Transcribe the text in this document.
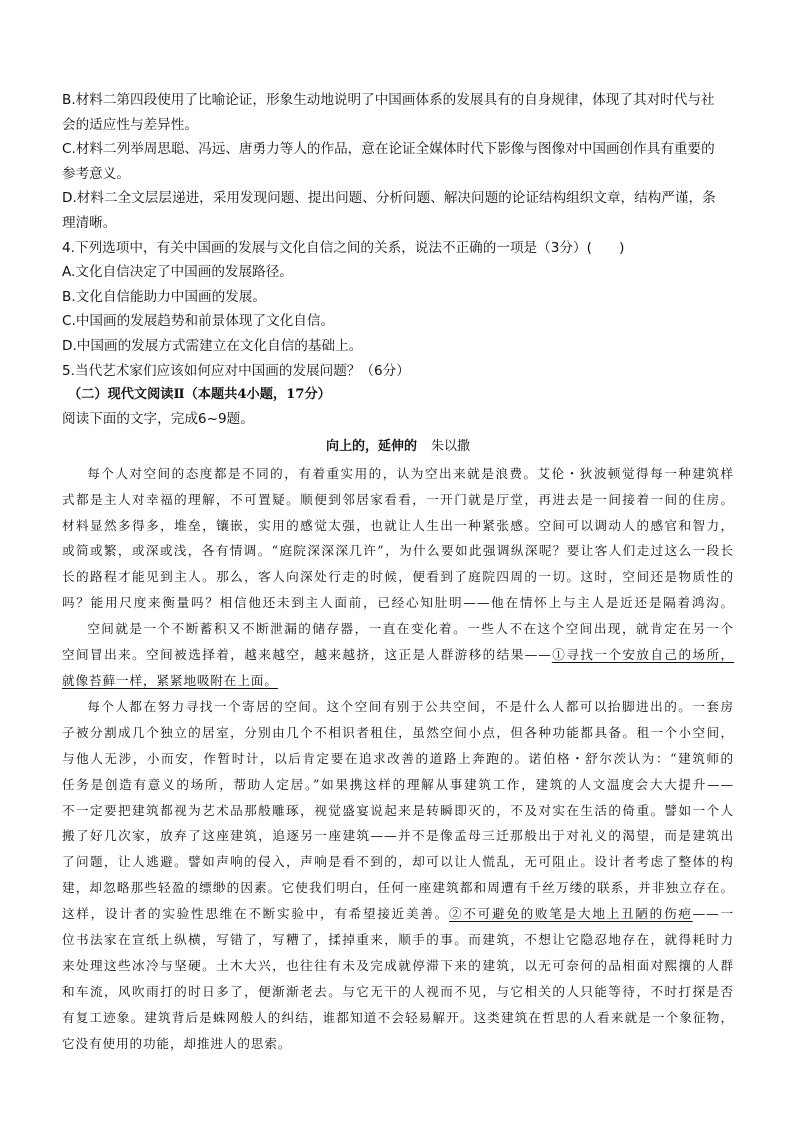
B.材料二第四段使用了比喻论证，形象生动地说明了中国画体系的发展具有的自身规律，体现了其对时代与社
会的适应性与差异性。
C.材料二列举周思聪、冯远、唐勇力等人的作品，意在论证全媒体时代下影像与图像对中国画创作具有重要的
参考意义。
D.材料二全文层层递进，采用发现问题、提出问题、分析问题、解决问题的论证结构组织文章，结构严谨，条
理清晰。
4.下列选项中，有关中国画的发展与文化自信之间的关系，说法不正确的一项是（3分）(　　)
A.文化自信决定了中国画的发展路径。
B.文化自信能助力中国画的发展。
C.中国画的发展趋势和前景体现了文化自信。
D.中国画的发展方式需建立在文化自信的基础上。
5.当代艺术家们应该如何应对中国画的发展问题？（6分）
（二）现代文阅读Ⅱ（本题共4小题，17分）
阅读下面的文字，完成6~9题。
向上的，延伸的 朱以撒
每个人对空间的态度都是不同的，有着重实用的，认为空出来就是浪费。艾伦・狄波顿觉得每一种建筑样
式都是主人对幸福的理解，不可置疑。顺便到邻居家看看，一开门就是厅堂，再进去是一间接着一间的住房。
材料显然多得多，堆垒，镶嵌，实用的感觉太强，也就让人生出一种紧张感。空间可以调动人的感官和智力，
或简或繁，或深或浅，各有情调。“庭院深深深几许”，为什么要如此强调纵深呢？要让客人们走过这么一段长
长的路程才能见到主人。那么，客人向深处行走的时候，便看到了庭院四周的一切。这时，空间还是物质性的
吗？能用尺度来衡量吗？相信他还未到主人面前，已经心知肚明——他在情怀上与主人是近还是隔着鸿沟。
空间就是一个不断蓄积又不断泄漏的储存器，一直在变化着。一些人不在这个空间出现，就肯定在另一个
空间冒出来。空间被选择着，越来越空，越来越挤，这正是人群游移的结果——①寻找一个安放自己的场所，
就像苔藓一样，紧紧地吸附在上面。
每个人都在努力寻找一个寄居的空间。这个空间有别于公共空间，不是什么人都可以抬脚进出的。一套房
子被分割成几个独立的居室，分别由几个不相识者租住，虽然空间小点，但各种功能都具备。租一个小空间，
与他人无涉，小而安，作暂时计，以后肯定要在追求改善的道路上奔跑的。诺伯格・舒尔茨认为：“建筑师的
任务是创造有意义的场所，帮助人定居。”如果携这样的理解从事建筑工作，建筑的人文温度会大大提升——
不一定要把建筑都视为艺术品那般雕琢，视觉盛宴说起来是转瞬即灭的，不及对实在生活的倚重。譬如一个人
搬了好几次家，放弃了这座建筑，追逐另一座建筑——并不是像孟母三迁那般出于对礼义的渴望，而是建筑出
了问题，让人逃避。譬如声响的侵入，声响是看不到的，却可以让人慌乱，无可阻止。设计者考虑了整体的构
建，却忽略那些轻盈的缥缈的因素。它使我们明白，任何一座建筑都和周遭有千丝万缕的联系，并非独立存在。
这样，设计者的实验性思维在不断实验中，有希望接近美善。②不可避免的败笔是大地上丑陋的伤疤——一
位书法家在宣纸上纵横，写错了，写糟了，揉掉重来，顺手的事。而建筑，不想让它隐忍地存在，就得耗时力
来处理这些冰冷与坚硬。土木大兴，也往往有未及完成就停滞下来的建筑，以无可奈何的品相面对熙攘的人群
和车流，风吹雨打的时日多了，便渐渐老去。与它无干的人视而不见，与它相关的人只能等待，不时打探是否
有复工迹象。建筑背后是蛛网般人的纠结，谁都知道不会轻易解开。这类建筑在哲思的人看来就是一个象征物，
它没有使用的功能，却推进人的思索。
